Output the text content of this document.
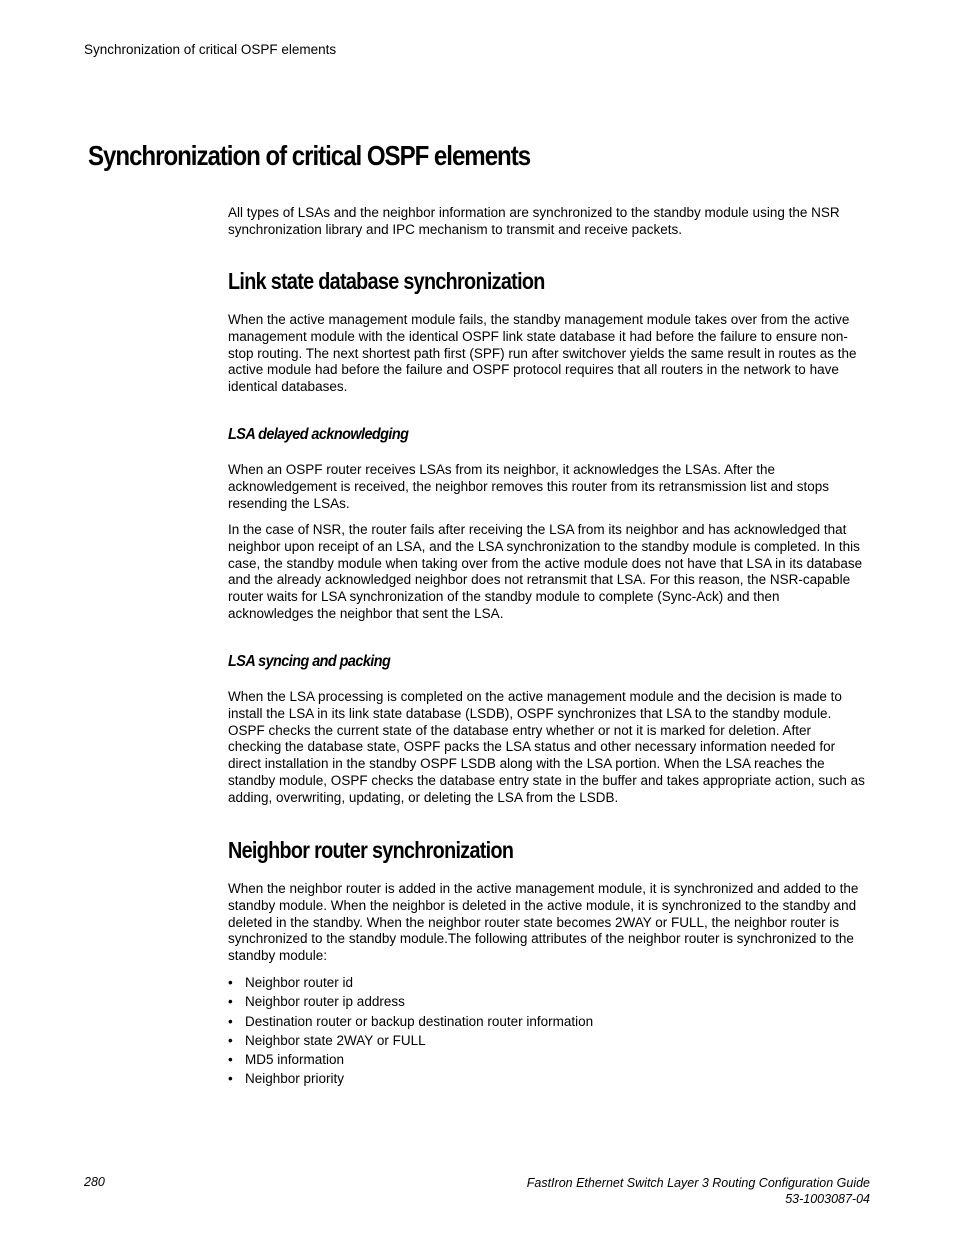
Synchronization of critical OSPF elements
Synchronization of critical OSPF elements

All types of LSAs and the neighbor information are synchronized to the standby module using the NSR synchronization library and IPC mechanism to transmit and receive packets.

Link state database synchronization

When the active management module fails, the standby management module takes over from the active management module with the identical OSPF link state database it had before the failure to ensure non-stop routing. The next shortest path first (SPF) run after switchover yields the same result in routes as the active module had before the failure and OSPF protocol requires that all routers in the network to have identical databases.

LSA delayed acknowledging

When an OSPF router receives LSAs from its neighbor, it acknowledges the LSAs. After the acknowledgement is received, the neighbor removes this router from its retransmission list and stops resending the LSAs.

In the case of NSR, the router fails after receiving the LSA from its neighbor and has acknowledged that neighbor upon receipt of an LSA, and the LSA synchronization to the standby module is completed. In this case, the standby module when taking over from the active module does not have that LSA in its database and the already acknowledged neighbor does not retransmit that LSA. For this reason, the NSR-capable router waits for LSA synchronization of the standby module to complete (Sync-Ack) and then acknowledges the neighbor that sent the LSA.

LSA syncing and packing

When the LSA processing is completed on the active management module and the decision is made to install the LSA in its link state database (LSDB), OSPF synchronizes that LSA to the standby module. OSPF checks the current state of the database entry whether or not it is marked for deletion. After checking the database state, OSPF packs the LSA status and other necessary information needed for direct installation in the standby OSPF LSDB along with the LSA portion. When the LSA reaches the standby module, OSPF checks the database entry state in the buffer and takes appropriate action, such as adding, overwriting, updating, or deleting the LSA from the LSDB.

Neighbor router synchronization

When the neighbor router is added in the active management module, it is synchronized and added to the standby module. When the neighbor is deleted in the active module, it is synchronized to the standby and deleted in the standby. When the neighbor router state becomes 2WAY or FULL, the neighbor router is synchronized to the standby module.The following attributes of the neighbor router is synchronized to the standby module:

• Neighbor router id
• Neighbor router ip address
• Destination router or backup destination router information
• Neighbor state 2WAY or FULL
• MD5 information
• Neighbor priority
280	FastIron Ethernet Switch Layer 3 Routing Configuration Guide
53-1003087-04
